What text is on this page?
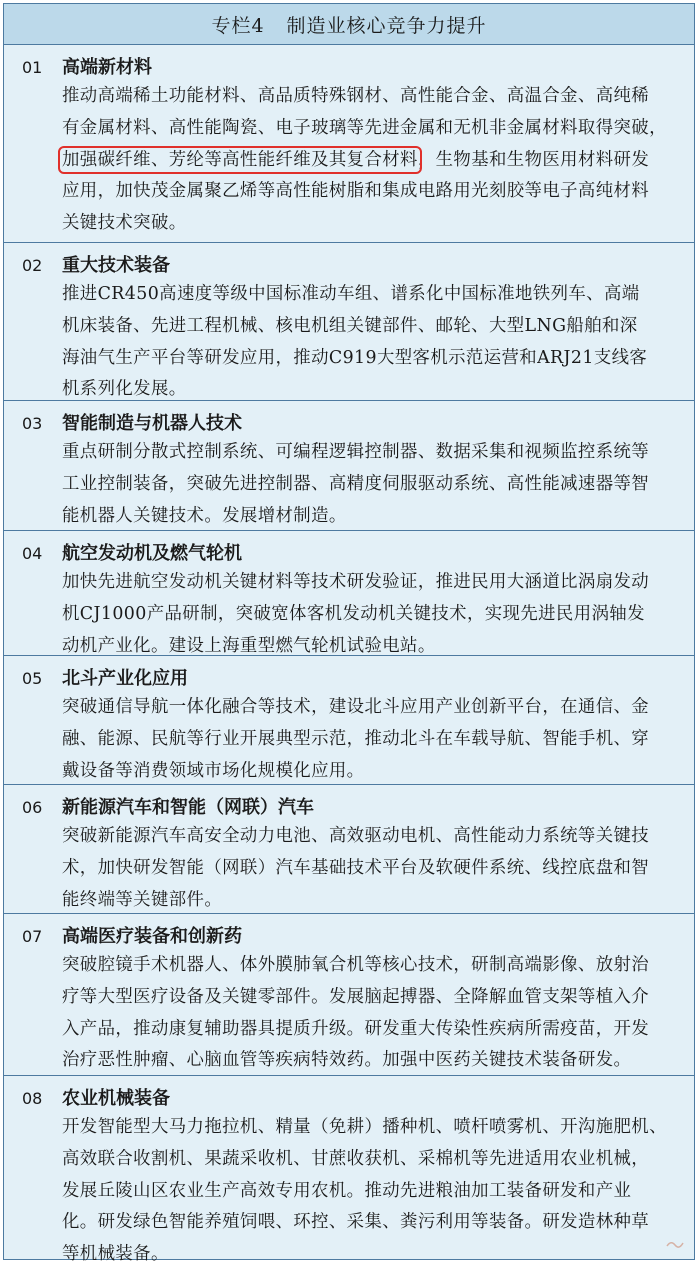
专栏4 制造业核心竞争力提升
01	高端新材料
推动高端稀土功能材料、高品质特殊钢材、高性能合金、高温合金、高纯稀
有金属材料、高性能陶瓷、电子玻璃等先进金属和无机非金属材料取得突破，
加强碳纤维、芳纶等高性能纤维及其复合材料，生物基和生物医用材料研发
应用，加快茂金属聚乙烯等高性能树脂和集成电路用光刻胶等电子高纯材料
关键技术突破。
02	重大技术装备
推进CR450高速度等级中国标准动车组、谱系化中国标准地铁列车、高端
机床装备、先进工程机械、核电机组关键部件、邮轮、大型LNG船舶和深
海油气生产平台等研发应用，推动C919大型客机示范运营和ARJ21支线客
机系列化发展。
03	智能制造与机器人技术
重点研制分散式控制系统、可编程逻辑控制器、数据采集和视频监控系统等
工业控制装备，突破先进控制器、高精度伺服驱动系统、高性能减速器等智
能机器人关键技术。发展增材制造。
04	航空发动机及燃气轮机
加快先进航空发动机关键材料等技术研发验证，推进民用大涵道比涡扇发动
机CJ1000产品研制，突破宽体客机发动机关键技术，实现先进民用涡轴发
动机产业化。建设上海重型燃气轮机试验电站。
05	北斗产业化应用
突破通信导航一体化融合等技术，建设北斗应用产业创新平台，在通信、金
融、能源、民航等行业开展典型示范，推动北斗在车载导航、智能手机、穿
戴设备等消费领域市场化规模化应用。
06	新能源汽车和智能（网联）汽车
突破新能源汽车高安全动力电池、高效驱动电机、高性能动力系统等关键技
术，加快研发智能（网联）汽车基础技术平台及软硬件系统、线控底盘和智
能终端等关键部件。
07	高端医疗装备和创新药
突破腔镜手术机器人、体外膜肺氧合机等核心技术，研制高端影像、放射治
疗等大型医疗设备及关键零部件。发展脑起搏器、全降解血管支架等植入介
入产品，推动康复辅助器具提质升级。研发重大传染性疾病所需疫苗，开发
治疗恶性肿瘤、心脑血管等疾病特效药。加强中医药关键技术装备研发。
08	农业机械装备
开发智能型大马力拖拉机、精量（免耕）播种机、喷杆喷雾机、开沟施肥机、
高效联合收割机、果蔬采收机、甘蔗收获机、采棉机等先进适用农业机械，
发展丘陵山区农业生产高效专用农机。推动先进粮油加工装备研发和产业
化。研发绿色智能养殖饲喂、环控、采集、粪污利用等装备。研发造林种草
等机械装备。
